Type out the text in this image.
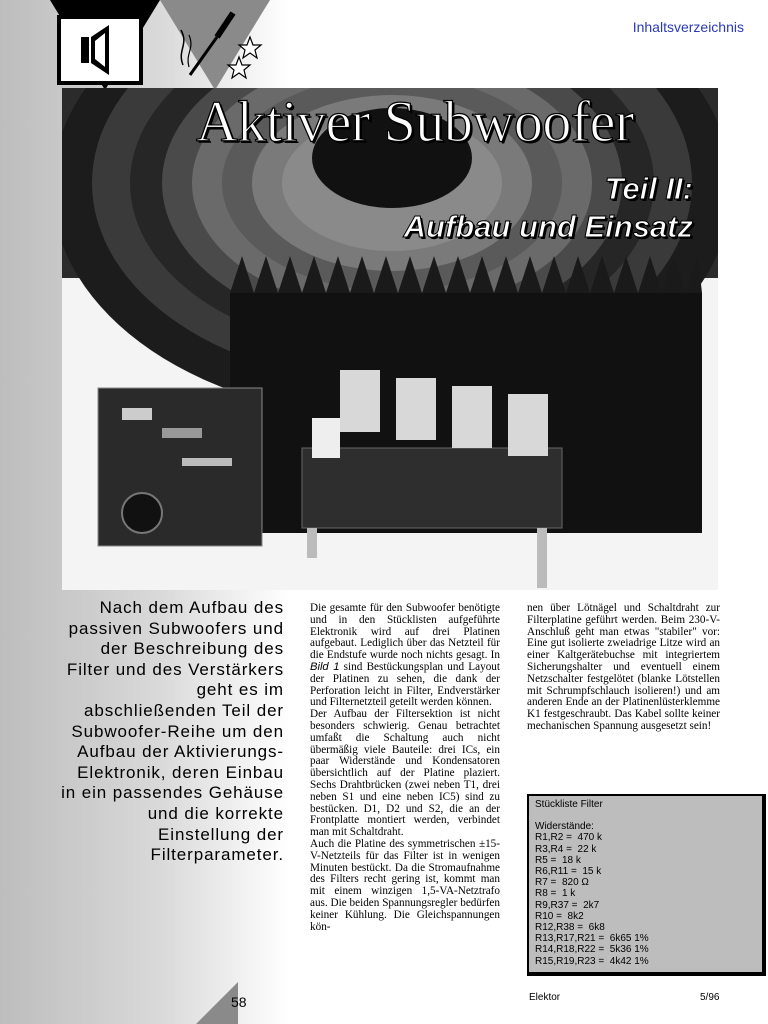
Inhaltsverzeichnis
Aktiver Subwoofer
Teil II:
Aufbau und Einsatz

Nach dem Aufbau des passiven Subwoofers und der Beschreibung des Filter und des Verstärkers geht es im abschließenden Teil der Subwoofer-Reihe um den Aufbau der Aktivierungs-Elektronik, deren Einbau in ein passendes Gehäuse und die korrekte Einstellung der Filterparameter.

Die gesamte für den Subwoofer benötigte und in den Stücklisten aufgeführte Elektronik wird auf drei Platinen aufgebaut. Lediglich über das Netzteil für die Endstufe wurde noch nichts gesagt. In Bild 1 sind Bestückungsplan und Layout der Platinen zu sehen, die dank der Perforation leicht in Filter, Endverstärker und Filternetzteil geteilt werden können.
Der Aufbau der Filtersektion ist nicht besonders schwierig. Genau betrachtet umfaßt die Schaltung auch nicht übermäßig viele Bauteile: drei ICs, ein paar Widerstände und Kondensatoren übersichtlich auf der Platine plaziert. Sechs Drahtbrücken (zwei neben T1, drei neben S1 und eine neben IC5) sind zu bestücken. D1, D2 und S2, die an der Frontplatte montiert werden, verbindet man mit Schaltdraht.
Auch die Platine des symmetrischen ±15-V-Netzteils für das Filter ist in wenigen Minuten bestückt. Da die Stromaufnahme des Filters recht gering ist, kommt man mit einem winzigen 1,5-VA-Netztrafo aus. Die beiden Spannungsregler bedürfen keiner Kühlung. Die Gleichspannungen kön-
nen über Lötnägel und Schaltdraht zur Filterplatine geführt werden. Beim 230-V-Anschluß geht man etwas "stabiler" vor: Eine gut isolierte zweiadrige Litze wird an einer Kaltgerätebuchse mit integriertem Sicherungshalter und eventuell einem Netzschalter festgelötet (blanke Lötstellen mit Schrumpfschlauch isolieren!) und am anderen Ende an der Platinenlüsterklemme K1 festgeschraubt. Das Kabel sollte keiner mechanischen Spannung ausgesetzt sein!
Stückliste Filter
Widerstände:
R1,R2 =  470 k
R3,R4 =  22 k
R5 =  18 k
R6,R11 =  15 k
R7 =  820 Ω
R8 =  1 k
R9,R37 =  2k7
R10 =  8k2
R12,R38 =  6k8
R13,R17,R21 =  6k65 1%
R14,R18,R22 =  5k36 1%
R15,R19,R23 =  4k42 1%
58	Elektor	5/96
